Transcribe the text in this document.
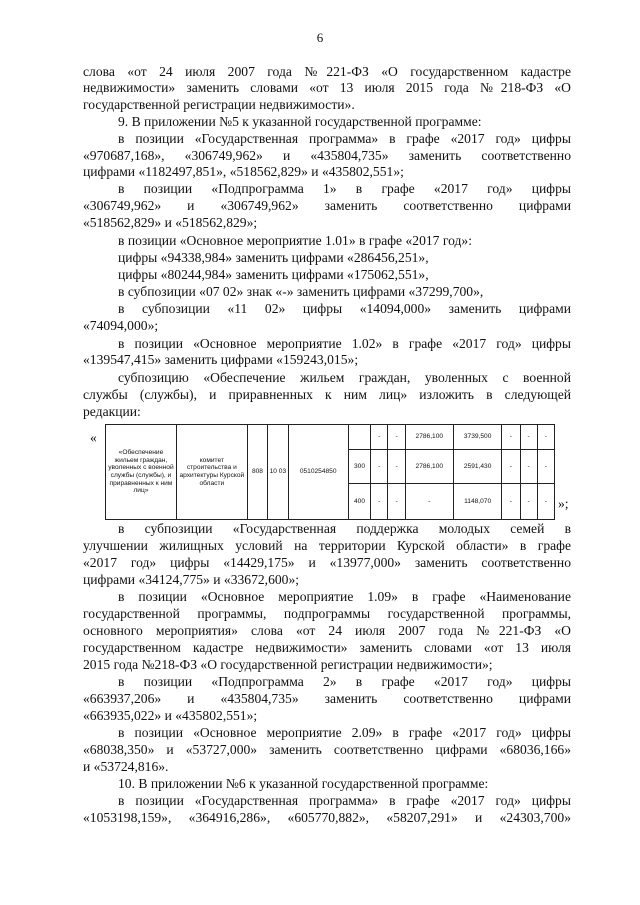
6
слова «от 24 июля 2007 года №221-ФЗ «О государственном кадастре
недвижимости» заменить словами «от 13 июля 2015 года №218-ФЗ «О
государственной регистрации недвижимости».
9. В приложении №5 к указанной государственной программе:
в позиции «Государственная программа» в графе «2017 год» цифры
«970687,168», «306749,962» и «435804,735» заменить соответственно
цифрами «1182497,851», «518562,829» и «435802,551»;
в позиции «Подпрограмма 1» в графе «2017 год» цифры
«306749,962» и «306749,962» заменить соответственно цифрами
«518562,829» и «518562,829»;
в позиции «Основное мероприятие 1.01» в графе «2017 год»:
цифры «94338,984» заменить цифрами «286456,251»,
цифры «80244,984» заменить цифрами «175062,551»,
в субпозиции «07 02» знак «-» заменить цифрами «37299,700»,
в субпозиции «11 02» цифры «14094,000» заменить цифрами
«74094,000»;
в позиции «Основное мероприятие 1.02» в графе «2017 год» цифры
«139547,415» заменить цифрами «159243,015»;
субпозицию «Обеспечение жильем граждан, уволенных с военной
службы (службы), и приравненных к ним лиц» изложить в следующей
редакции:
«
«Обеспечение жильем граждан, уволенных с военной службы (службы), и приравненных к ним лиц»	комитет строительства и архитектуры Курской области	808	10 03	0510254850		-	-	2786,100	3739,500	-	-	-
					300	-	-	2786,100	2591,430	-	-	-
					400	-	-	-	1148,070	-	-	- »;
в субпозиции «Государственная поддержка молодых семей в
улучшении жилищных условий на территории Курской области» в графе
«2017 год» цифры «14429,175» и «13977,000» заменить соответственно
цифрами «34124,775» и «33672,600»;
в позиции «Основное мероприятие 1.09» в графе «Наименование
государственной программы, подпрограммы государственной программы,
основного мероприятия» слова «от 24 июля 2007 года №221-ФЗ «О
государственном кадастре недвижимости» заменить словами «от 13 июля
2015 года №218-ФЗ «О государственной регистрации недвижимости»;
в позиции «Подпрограмма 2» в графе «2017 год» цифры
«663937,206» и «435804,735» заменить соответственно цифрами
«663935,022» и «435802,551»;
в позиции «Основное мероприятие 2.09» в графе «2017 год» цифры
«68038,350» и «53727,000» заменить соответственно цифрами «68036,166»
и «53724,816».
10. В приложении №6 к указанной государственной программе:
в позиции «Государственная программа» в графе «2017 год» цифры
«1053198,159», «364916,286», «605770,882», «58207,291» и «24303,700»
